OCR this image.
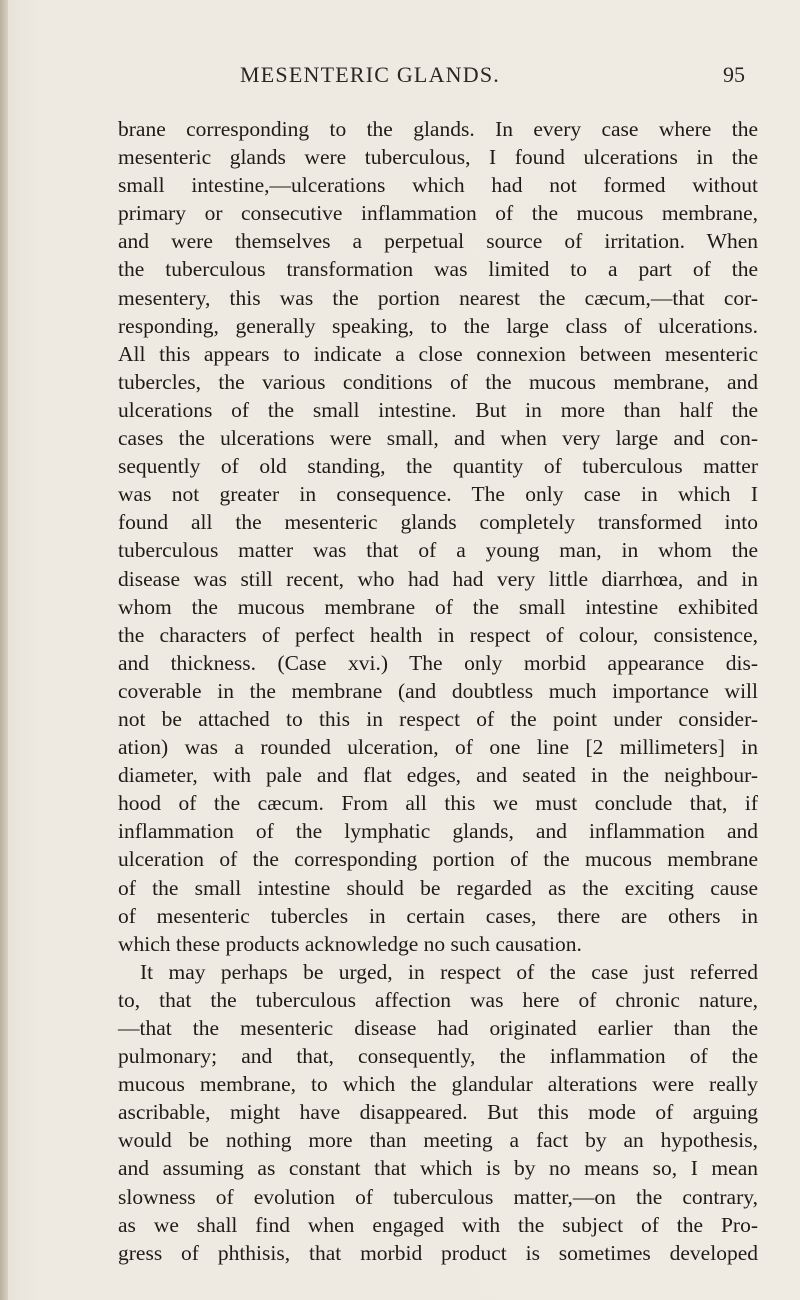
MESENTERIC GLANDS.	95
brane corresponding to the glands. In every case where the
mesenteric glands were tuberculous, I found ulcerations in the
small intestine,—ulcerations which had not formed without
primary or consecutive inflammation of the mucous membrane,
and were themselves a perpetual source of irritation. When
the tuberculous transformation was limited to a part of the
mesentery, this was the portion nearest the cæcum,—that cor-
responding, generally speaking, to the large class of ulcerations.
All this appears to indicate a close connexion between mesenteric
tubercles, the various conditions of the mucous membrane, and
ulcerations of the small intestine. But in more than half the
cases the ulcerations were small, and when very large and con-
sequently of old standing, the quantity of tuberculous matter
was not greater in consequence. The only case in which I
found all the mesenteric glands completely transformed into
tuberculous matter was that of a young man, in whom the
disease was still recent, who had had very little diarrhœa, and in
whom the mucous membrane of the small intestine exhibited
the characters of perfect health in respect of colour, consistence,
and thickness. (Case xvi.) The only morbid appearance dis-
coverable in the membrane (and doubtless much importance will
not be attached to this in respect of the point under consider-
ation) was a rounded ulceration, of one line [2 millimeters] in
diameter, with pale and flat edges, and seated in the neighbour-
hood of the cæcum. From all this we must conclude that, if
inflammation of the lymphatic glands, and inflammation and
ulceration of the corresponding portion of the mucous membrane
of the small intestine should be regarded as the exciting cause
of mesenteric tubercles in certain cases, there are others in
which these products acknowledge no such causation.
It may perhaps be urged, in respect of the case just referred
to, that the tuberculous affection was here of chronic nature,
—that the mesenteric disease had originated earlier than the
pulmonary; and that, consequently, the inflammation of the
mucous membrane, to which the glandular alterations were really
ascribable, might have disappeared. But this mode of arguing
would be nothing more than meeting a fact by an hypothesis,
and assuming as constant that which is by no means so, I mean
slowness of evolution of tuberculous matter,—on the contrary,
as we shall find when engaged with the subject of the Pro-
gress of phthisis, that morbid product is sometimes developed
